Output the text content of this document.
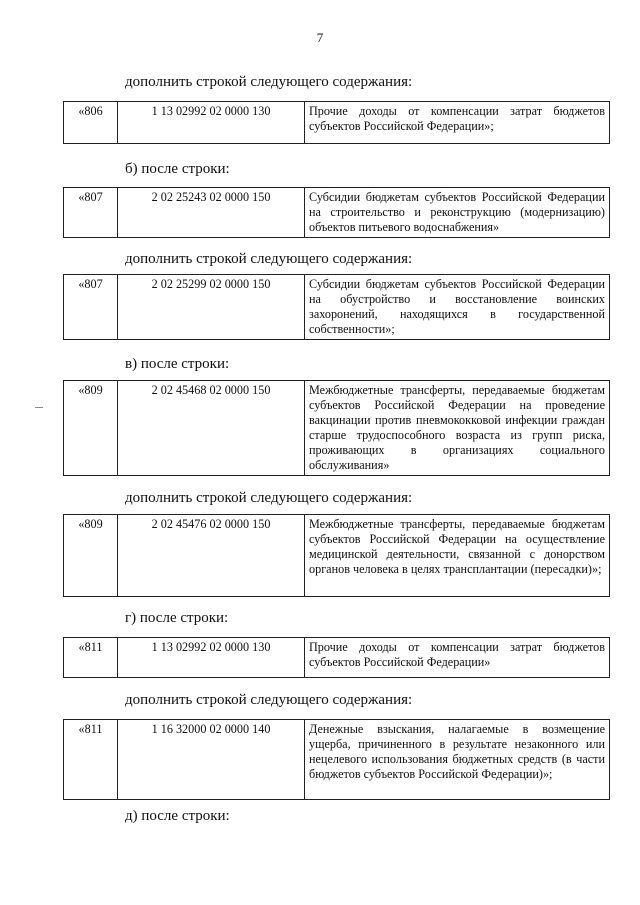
7
дополнить строкой следующего содержания:
«806	1 13 02992 02 0000 130	Прочие доходы от компенсации затрат бюджетов субъектов Российской Федерации»;
б) после строки:
«807	2 02 25243 02 0000 150	Субсидии бюджетам субъектов Российской Федерации на строительство и реконструкцию (модернизацию) объектов питьевого водоснабжения»
дополнить строкой следующего содержания:
«807	2 02 25299 02 0000 150	Субсидии бюджетам субъектов Российской Федерации на обустройство и восстановление воинских захоронений, находящихся в государственной собственности»;
в) после строки:
«809	2 02 45468 02 0000 150	Межбюджетные трансферты, передаваемые бюджетам субъектов Российской Федерации на проведение вакцинации против пневмококковой инфекции граждан старше трудоспособного возраста из групп риска, проживающих в организациях социального обслуживания»
дополнить строкой следующего содержания:
«809	2 02 45476 02 0000 150	Межбюджетные трансферты, передаваемые бюджетам субъектов Российской Федерации на осуществление медицинской деятельности, связанной с донорством органов человека в целях трансплантации (пересадки)»;
г) после строки:
«811	1 13 02992 02 0000 130	Прочие доходы от компенсации затрат бюджетов субъектов Российской Федерации»
дополнить строкой следующего содержания:
«811	1 16 32000 02 0000 140	Денежные взыскания, налагаемые в возмещение ущерба, причиненного в результате незаконного или нецелевого использования бюджетных средств (в части бюджетов субъектов Российской Федерации)»;
д) после строки:
